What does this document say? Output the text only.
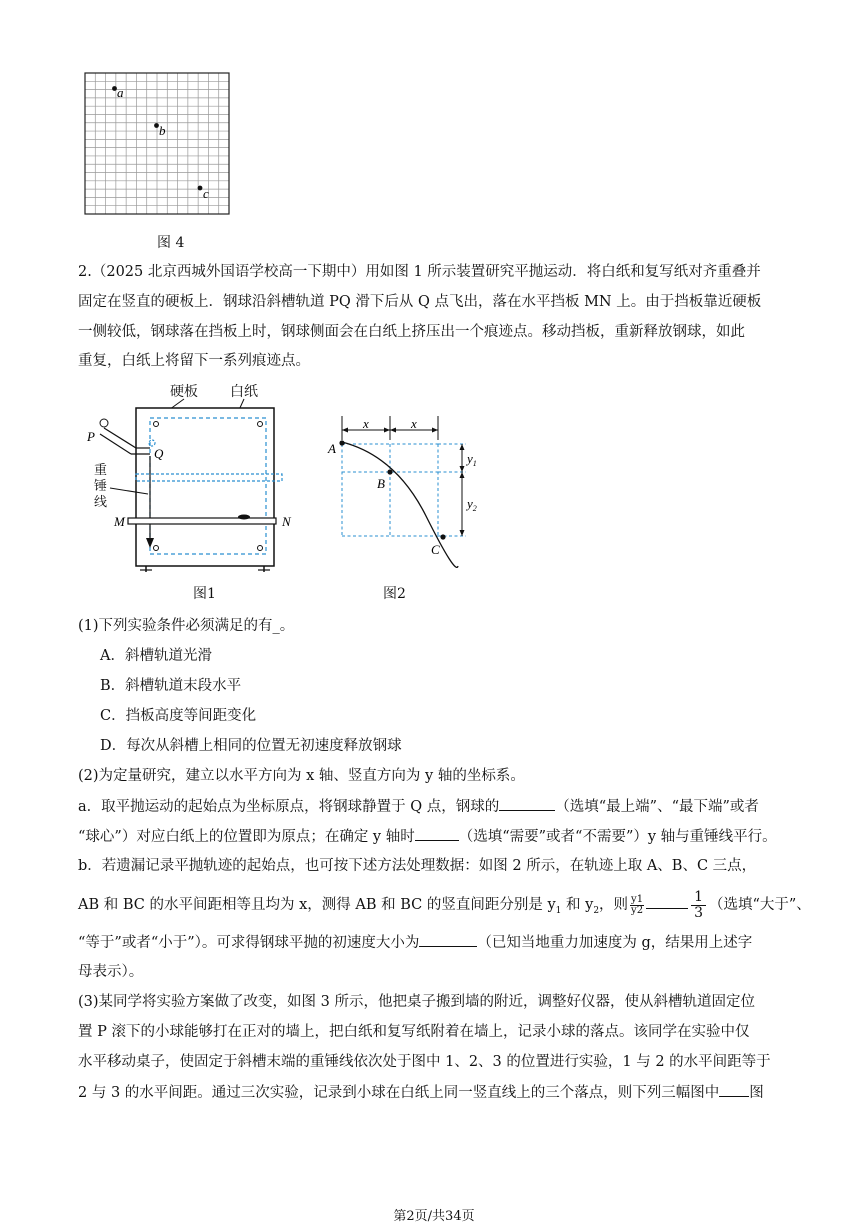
a
b
c
图 4
2.（2025 北京西城外国语学校高一下期中）用如图 1 所示装置研究平抛运动．将白纸和复写纸对齐重叠并
固定在竖直的硬板上．钢球沿斜槽轨道 PQ 滑下后从 Q 点飞出，落在水平挡板 MN 上。由于挡板靠近硬板
一侧较低，钢球落在挡板上时，钢球侧面会在白纸上挤压出一个痕迹点。移动挡板，重新释放钢球，如此
重复，白纸上将留下一系列痕迹点。
硬板 白纸
P
Q
重
锤
线
M	N
图1
x	x
$y_1$
$y_2$
A
B
C
图2
(1)下列实验条件必须满足的有_。
A．斜槽轨道光滑
B．斜槽轨道末段水平
C．挡板高度等间距变化
D．每次从斜槽上相同的位置无初速度释放钢球
(2)为定量研究，建立以水平方向为 x 轴、竖直方向为 y 轴的坐标系。
a．取平抛运动的起始点为坐标原点，将钢球静置于 Q 点，钢球的	（选填“最上端”、“最下端”或者
“球心”）对应白纸上的位置即为原点；在确定 y 轴时	（选填“需要”或者“不需要”）y 轴与重锤线平行。
b．若遗漏记录平抛轨迹的起始点，也可按下述方法处理数据：如图 2 所示，在轨迹上取 A、B、C 三点，
AB 和 BC 的水平间距相等且均为 x，测得 AB 和 BC 的竖直间距分别是 $y_1$ 和 $y_2$，则 $\frac{y1}{y2}$	$\frac{1}{3}$ （选填“大于”、
“等于”或者“小于”）。可求得钢球平抛的初速度大小为	（已知当地重力加速度为 g，结果用上述字
母表示）。
(3)某同学将实验方案做了改变，如图 3 所示，他把桌子搬到墙的附近，调整好仪器，使从斜槽轨道固定位
置 P 滚下的小球能够打在正对的墙上，把白纸和复写纸附着在墙上，记录小球的落点。该同学在实验中仅
水平移动桌子，使固定于斜槽末端的重锤线依次处于图中 1、2、3 的位置进行实验，1 与 2 的水平间距等于
2 与 3 的水平间距。通过三次实验，记录到小球在白纸上同一竖直线上的三个落点，则下列三幅图中 图
第2页/共34页
